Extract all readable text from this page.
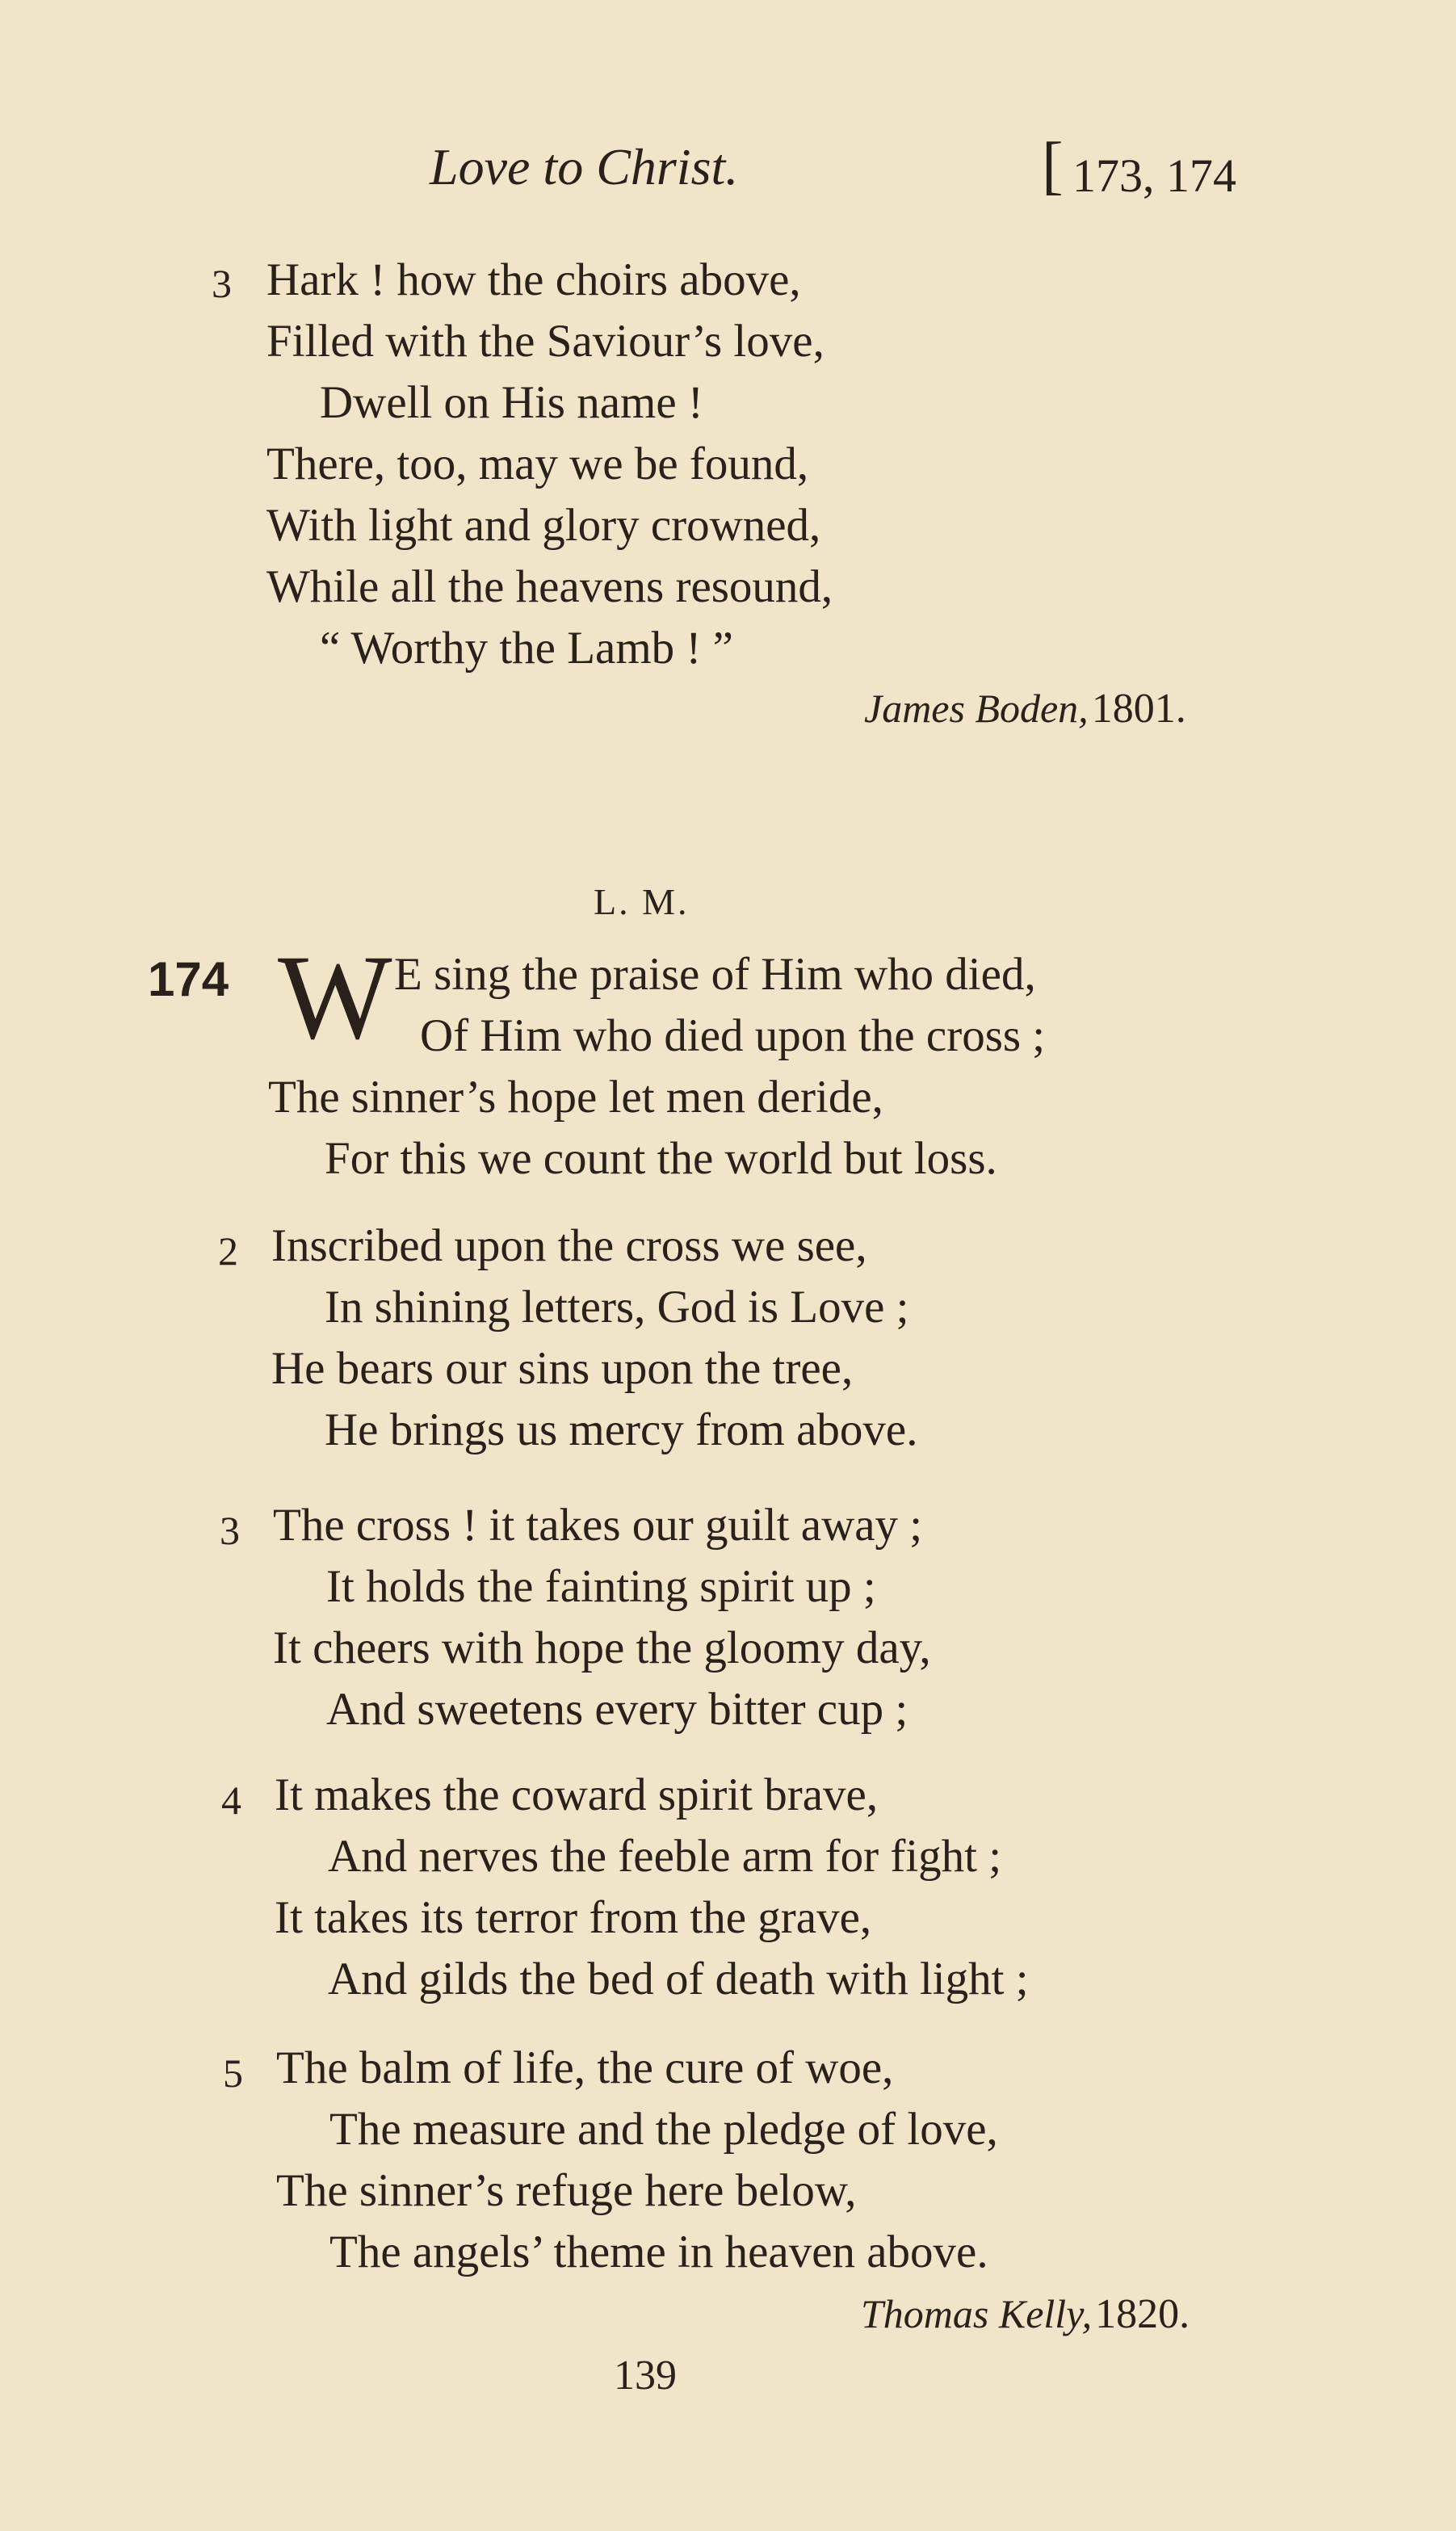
Love to Christ.	[ 173, 174
3 Hark ! how the choirs above,
Filled with the Saviour’s love,
Dwell on His name !
There, too, may we be found,
With light and glory crowned,
While all the heavens resound,
“ Worthy the Lamb ! ”
James Boden, 1801.
L. M.
174 W E sing the praise of Him who died,
Of Him who died upon the cross ;
The sinner’s hope let men deride,
For this we count the world but loss.
2 Inscribed upon the cross we see,
In shining letters, God is Love ;
He bears our sins upon the tree,
He brings us mercy from above.
3 The cross ! it takes our guilt away ;
It holds the fainting spirit up ;
It cheers with hope the gloomy day,
And sweetens every bitter cup ;
4 It makes the coward spirit brave,
And nerves the feeble arm for fight ;
It takes its terror from the grave,
And gilds the bed of death with light ;
5 The balm of life, the cure of woe,
The measure and the pledge of love,
The sinner’s refuge here below,
The angels’ theme in heaven above.
Thomas Kelly, 1820.
139
